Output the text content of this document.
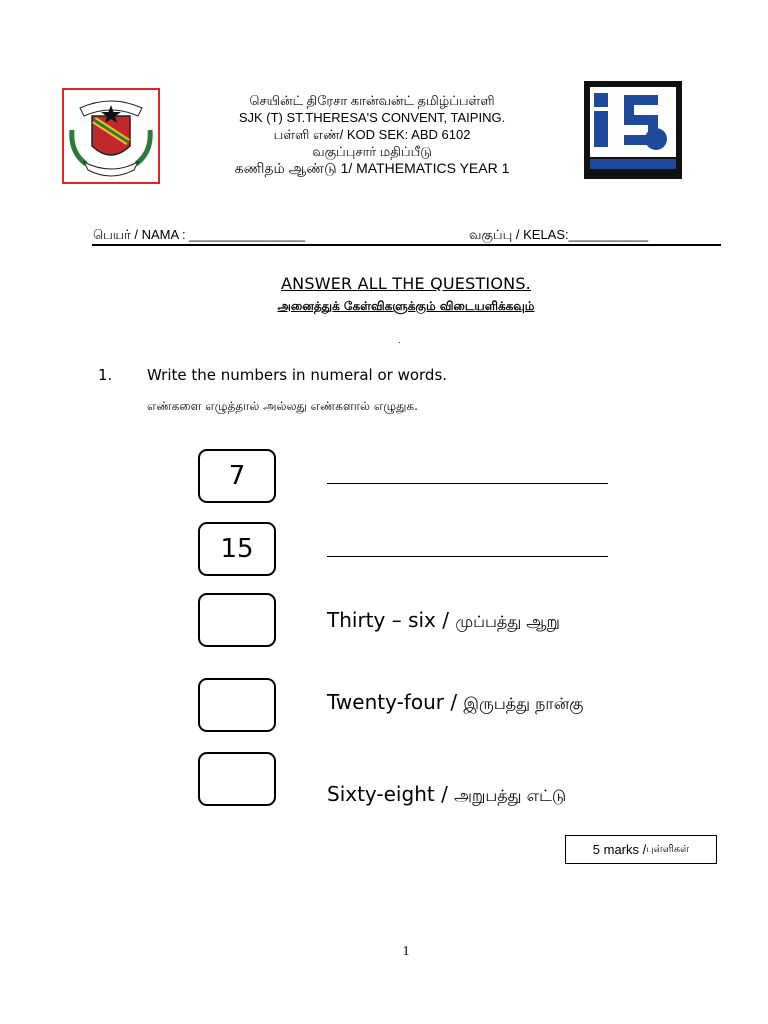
செயின்ட் திரேசா கான்வன்ட் தமிழ்ப்பள்ளி
SJK (T) ST.THERESA'S CONVENT, TAIPING.
பள்ளி எண்/ KOD SEK: ABD 6102
வகுப்புசார் மதிப்பீடு
கணிதம் ஆண்டு 1/ MATHEMATICS YEAR 1
பெயர் / NAMA : ________________	வகுப்பு / KELAS:___________
ANSWER ALL THE QUESTIONS.
அனைத்துக் கேள்விகளுக்கும் விடையளிக்கவும்
.
1. Write the numbers in numeral or words.
எண்களை எழுத்தால் அல்லது எண்களால் எழுதுக.
7
15
Thirty – six / முப்பத்து ஆறு
Twenty-four / இருபத்து நான்கு
Sixty-eight / அறுபத்து எட்டு
5 marks / புள்ளிகள்
1
